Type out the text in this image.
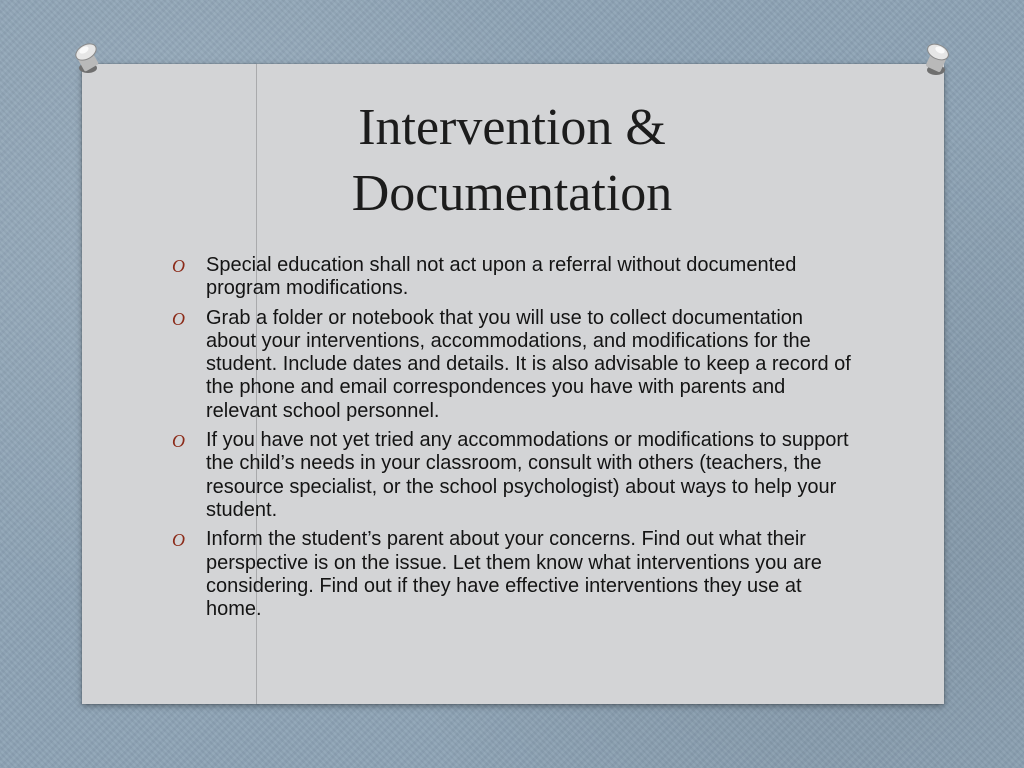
Intervention &
Documentation
O Special education shall not act upon a referral without documented program modifications.
O Grab a folder or notebook that you will use to collect documentation about your interventions, accommodations, and modifications for the student. Include dates and details. It is also advisable to keep a record of the phone and email correspondences you have with parents and relevant school personnel.
O If you have not yet tried any accommodations or modifications to support the child’s needs in your classroom, consult with others (teachers, the resource specialist, or the school psychologist) about ways to help your student.
O Inform the student’s parent about your concerns. Find out what their perspective is on the issue. Let them know what interventions you are considering. Find out if they have effective interventions they use at home.
